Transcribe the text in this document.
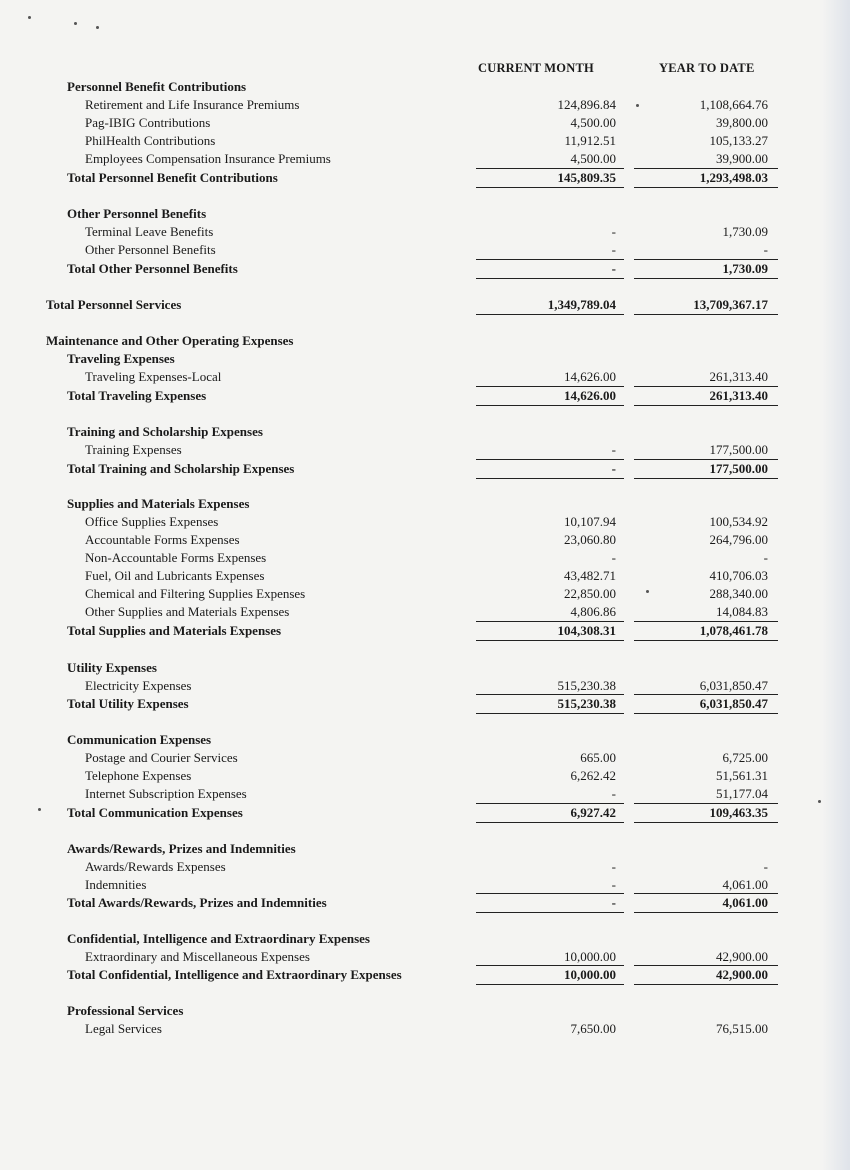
CURRENT MONTH	YEAR TO DATE
Personnel Benefit Contributions
Retirement and Life Insurance Premiums	124,896.84	1,108,664.76
Pag-IBIG Contributions	4,500.00	39,800.00
PhilHealth Contributions	11,912.51	105,133.27
Employees Compensation Insurance Premiums	4,500.00	39,900.00
Total Personnel Benefit Contributions	145,809.35	1,293,498.03
Other Personnel Benefits
Terminal Leave Benefits	-	1,730.09
Other Personnel Benefits	-	-
Total Other Personnel Benefits	-	1,730.09
Total Personnel Services	1,349,789.04	13,709,367.17
Maintenance and Other Operating Expenses
Traveling Expenses
Traveling Expenses-Local	14,626.00	261,313.40
Total Traveling Expenses	14,626.00	261,313.40
Training and Scholarship Expenses
Training Expenses	-	177,500.00
Total Training and Scholarship Expenses	-	177,500.00
Supplies and Materials Expenses
Office Supplies Expenses	10,107.94	100,534.92
Accountable Forms Expenses	23,060.80	264,796.00
Non-Accountable Forms Expenses	-	-
Fuel, Oil and Lubricants Expenses	43,482.71	410,706.03
Chemical and Filtering Supplies Expenses	22,850.00	288,340.00
Other Supplies and Materials Expenses	4,806.86	14,084.83
Total Supplies and Materials Expenses	104,308.31	1,078,461.78
Utility Expenses
Electricity Expenses	515,230.38	6,031,850.47
Total Utility Expenses	515,230.38	6,031,850.47
Communication Expenses
Postage and Courier Services	665.00	6,725.00
Telephone Expenses	6,262.42	51,561.31
Internet Subscription Expenses	-	51,177.04
Total Communication Expenses	6,927.42	109,463.35
Awards/Rewards, Prizes and Indemnities
Awards/Rewards Expenses	-	-
Indemnities	-	4,061.00
Total Awards/Rewards, Prizes and Indemnities	-	4,061.00
Confidential, Intelligence and Extraordinary Expenses
Extraordinary and Miscellaneous Expenses	10,000.00	42,900.00
Total Confidential, Intelligence and Extraordinary Expenses	10,000.00	42,900.00
Professional Services
Legal Services	7,650.00	76,515.00
